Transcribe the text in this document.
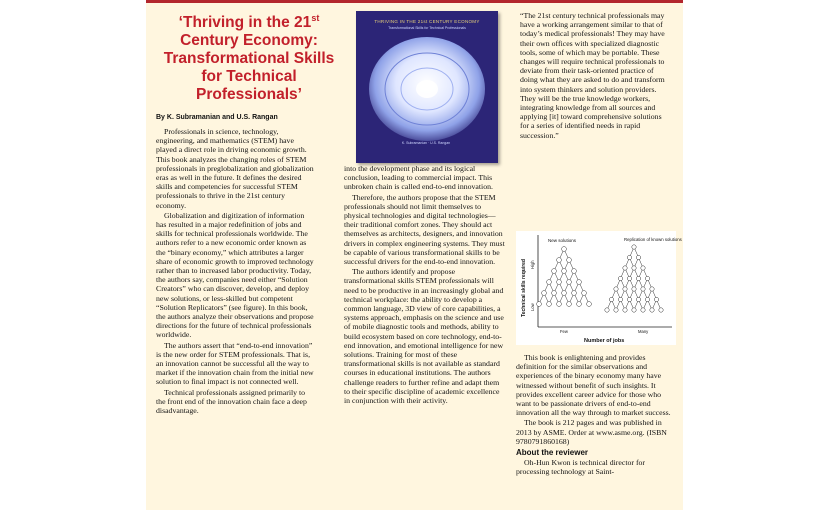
‘Thriving in the 21st Century Economy: Transformational Skills for Technical Professionals’
By K. Subramanian and U.S. Rangan

Professionals in science, technology, engineering, and mathematics (STEM) have played a direct role in driving economic growth. This book analyzes the changing roles of STEM professionals in preglobalization and globalization eras as well in the future. It defines the desired skills and competencies for successful STEM professionals to thrive in the 21st century economy.

Globalization and digitization of information has resulted in a major redefinition of jobs and skills for technical professionals worldwide. The authors refer to a new economic order known as the “binary economy,” which attributes a larger share of economic growth to improved technology rather than to increased labor productivity. Today, the authors say, companies need either “Solution Creators” who can discover, develop, and deploy new solutions, or less-skilled but competent “Solution Replicators” (see figure). In this book, the authors analyze their observations and propose directions for the future of technical professionals worldwide.

The authors assert that “end-to-end innovation” is the new order for STEM professionals. That is, an innovation cannot be successful all the way to market if the innovation chain from the initial new solution to final impact is not connected well.

Technical professionals assigned primarily to the front end of the innovation chain face a deep disadvantage.

THRIVING IN THE 21st CENTURY ECONOMY
Transformational Skills for Technical Professionals
K. Subramanian · U.S. Rangan

into the development phase and its logical conclusion, leading to commercial impact. This unbroken chain is called end-to-end innovation.

Therefore, the authors propose that the STEM professionals should not limit themselves to physical technologies and digital technologies—their traditional comfort zones. They should act themselves as architects, designers, and innovation drivers in complex engineering systems. They must be capable of various transformational skills to be successful drivers for the end-to-end innovation.

The authors identify and propose transformational skills STEM professionals will need to be productive in an increasingly global and technical workplace: the ability to develop a common language, 3D view of core capabilities, a systems approach, emphasis on the science and use of mobile diagnostic tools and methods, ability to build ecosystem based on core technology, end-to-end innovation, and emotional intelligence for new solutions. Training for most of these transformational skills is not available as standard courses in educational institutions. The authors challenge readers to further refine and adapt them to their specific discipline of academic excellence in conjunction with their activity.

“The 21st century technical professionals may have a working arrangement similar to that of today’s medical professionals! They may have their own offices with specialized diagnostic tools, some of which may be portable. These changes will require technical professionals to deviate from their task-oriented practice of doing what they are asked to do and transform into system thinkers and solution providers. They will be the true knowledge workers, integrating knowledge from all sources and applying [it] toward comprehensive solutions for a series of identified needs in rapid succession.”

New solutions	Replication of known solutions
Technical skills required High
Low
Few	Many
Number of jobs

This book is enlightening and provides definition for the similar observations and experiences of the binary economy many have witnessed without benefit of such insights. It provides excellent career advice for those who want to be passionate drivers of end-to-end innovation all the way through to market success.

The book is 212 pages and was published in 2013 by ASME. Order at www.asme.org. (ISBN 9780791860168)

About the reviewer

Oh-Hun Kwon is technical director for processing technology at Saint-
